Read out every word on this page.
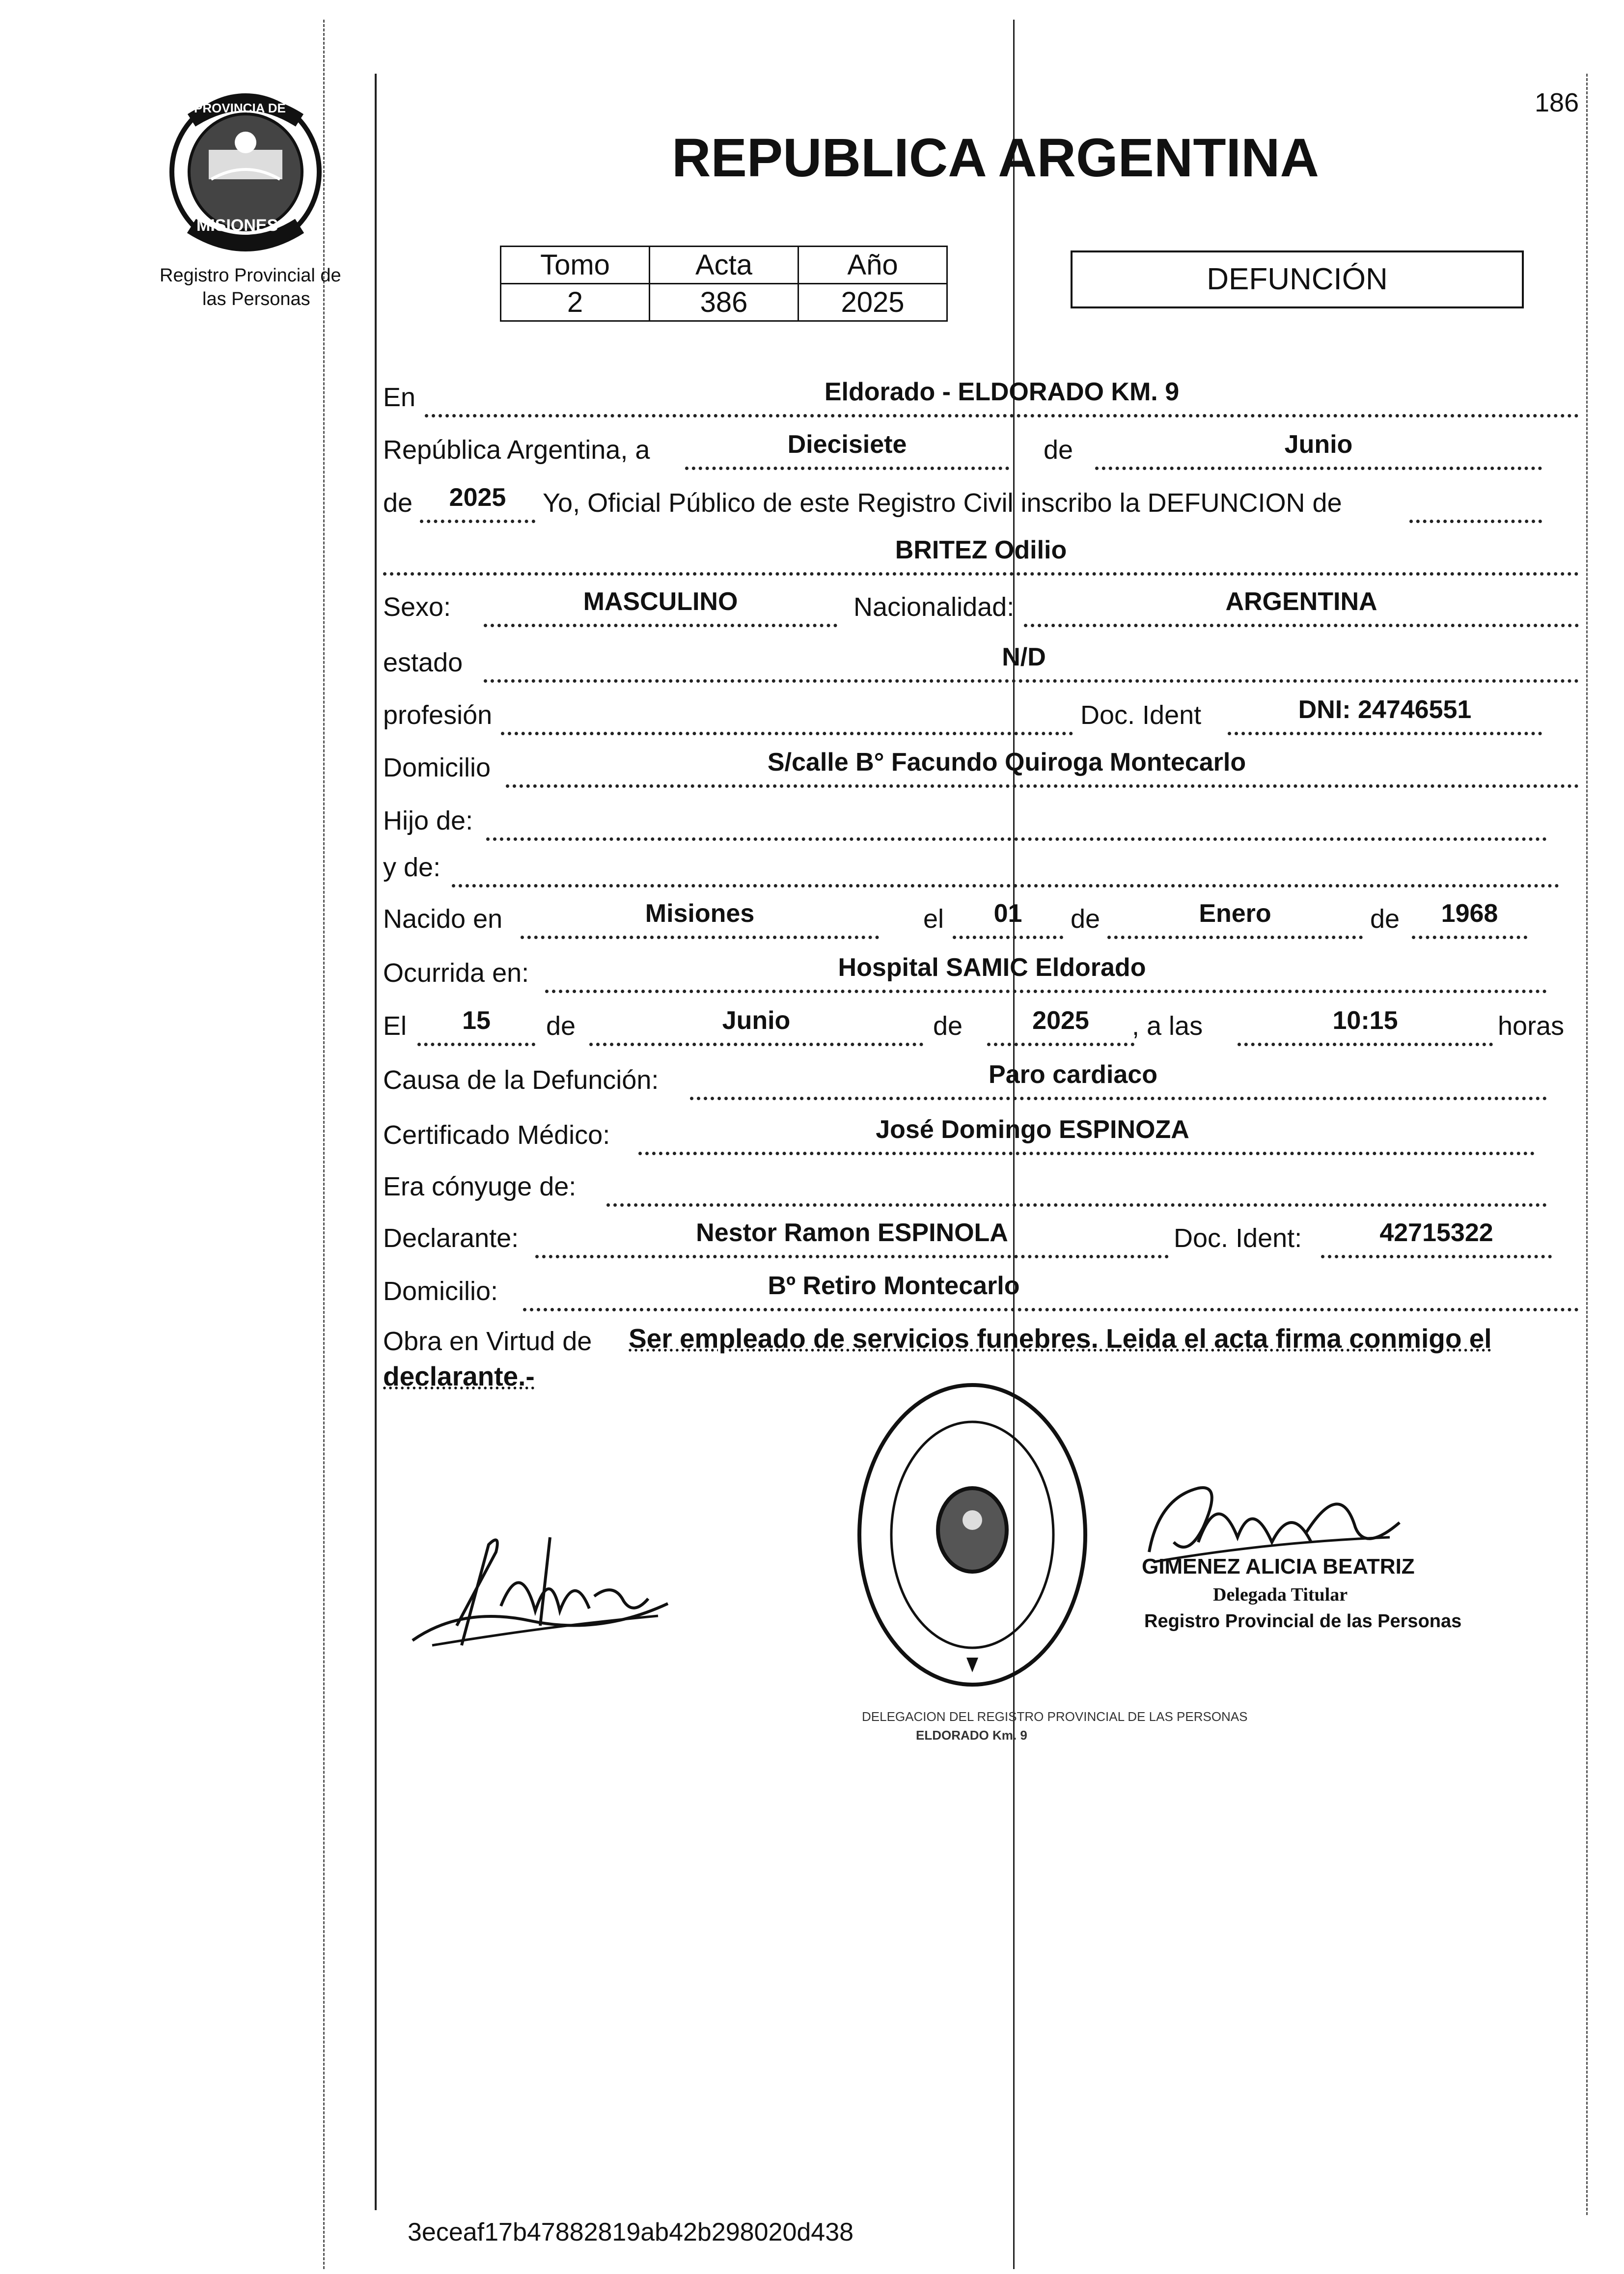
186
PROVINCIA DE
MISIONES
Registro Provincial de
las Personas
REPUBLICA ARGENTINA
Tomo	Acta	Año
2	386	2025
DEFUNCIÓN
En	Eldorado - ELDORADO KM. 9
República Argentina, a	Diecisiete	de	Junio
de	2025	Yo, Oficial Público de este Registro Civil inscribo la DEFUNCION de
BRITEZ Odilio
Sexo:	MASCULINO	Nacionalidad:	ARGENTINA
estado	N/D
profesión	Doc. Ident	DNI: 24746551
Domicilio	S/calle B° Facundo Quiroga Montecarlo
Hijo de:
y de:
Nacido en	Misiones	el	01	de	Enero	de	1968
Ocurrida en:	Hospital SAMIC Eldorado
El	15	de	Junio	de	2025	, a las	10:15	horas
Causa de la Defunción:	Paro cardiaco
Certificado Médico:	José Domingo ESPINOZA
Era cónyuge de:
Declarante:	Nestor Ramon ESPINOLA	Doc. Ident:	42715322
Domicilio:	Bº Retiro Montecarlo
Obra en Virtud de Ser empleado de servicios funebres. Leida el acta firma conmigo el
declarante.-
DELEGACION DEL REGISTRO PROVINCIAL DE LAS PERSONAS
ELDORADO Km. 9
GIMENEZ ALICIA BEATRIZ
Delegada Titular
Registro Provincial de las Personas
3eceaf17b47882819ab42b298020d438
